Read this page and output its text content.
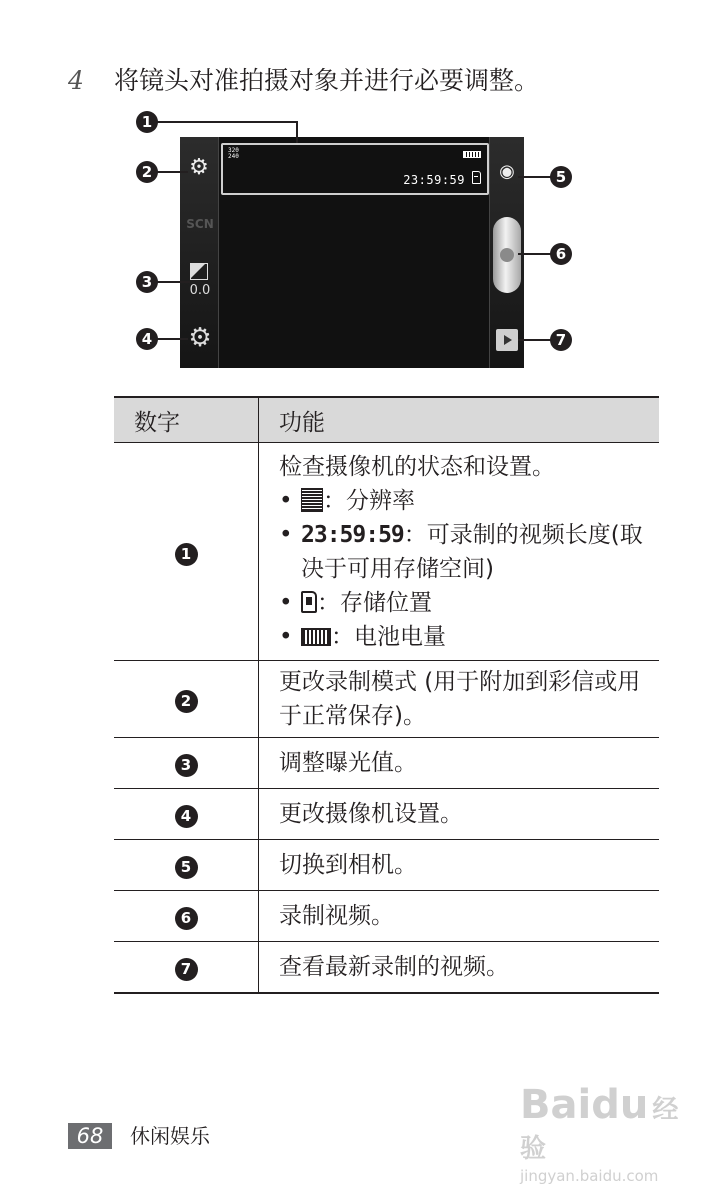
4 将镜头对准拍摄对象并进行必要调整。
⚙
SCN
0.0
⚙
320
240
23:59:59 ◉
1
2
3
4
5
6
7
数字	功能
1	检查摄像机的状态和设置。
• ：分辨率
• 23:59:59：可录制的视频长度(取决于可用存储空间)
• ：存储位置
• ：电池电量

2	更改录制模式 (用于附加到彩信或用于正常保存)。
3	调整曝光值。
4	更改摄像机设置。
5	切换到相机。
6	录制视频。
7	查看最新录制的视频。
68	休闲娱乐
Baidu 经验
jingyan.baidu.com
